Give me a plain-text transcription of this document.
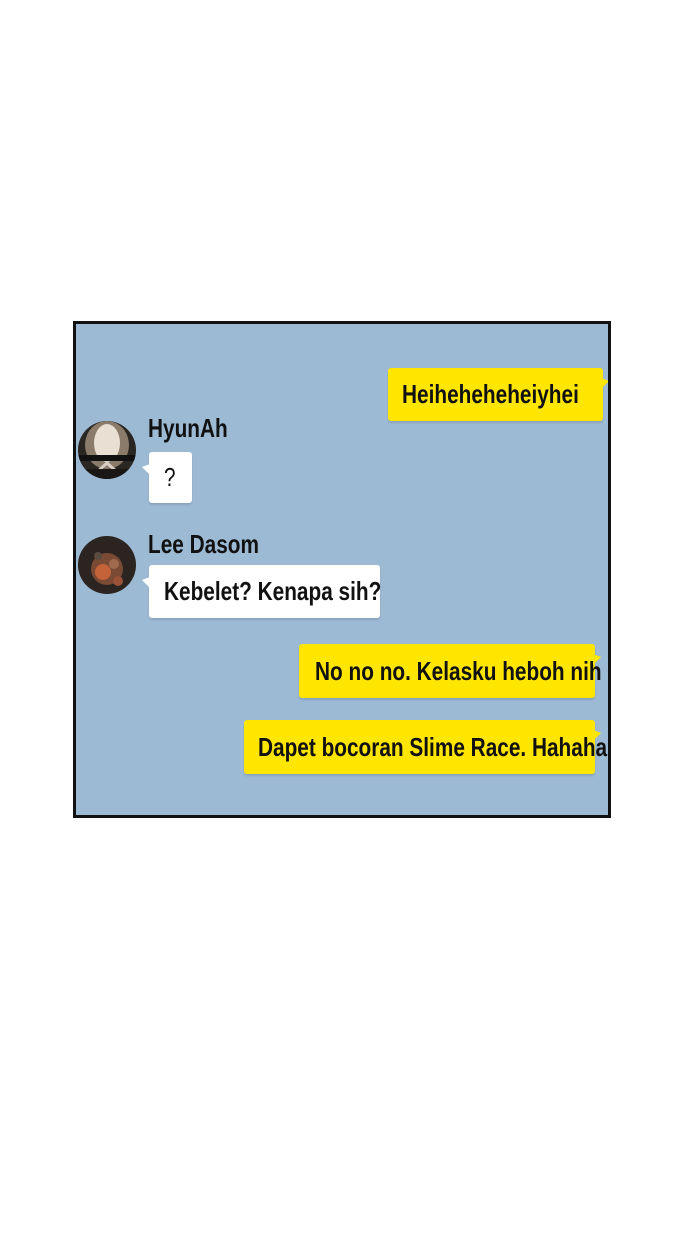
Heiheheheheiyhei
HyunAh
?
Lee Dasom
Kebelet? Kenapa sih?
No no no. Kelasku heboh nih
Dapet bocoran Slime Race. Hahaha
